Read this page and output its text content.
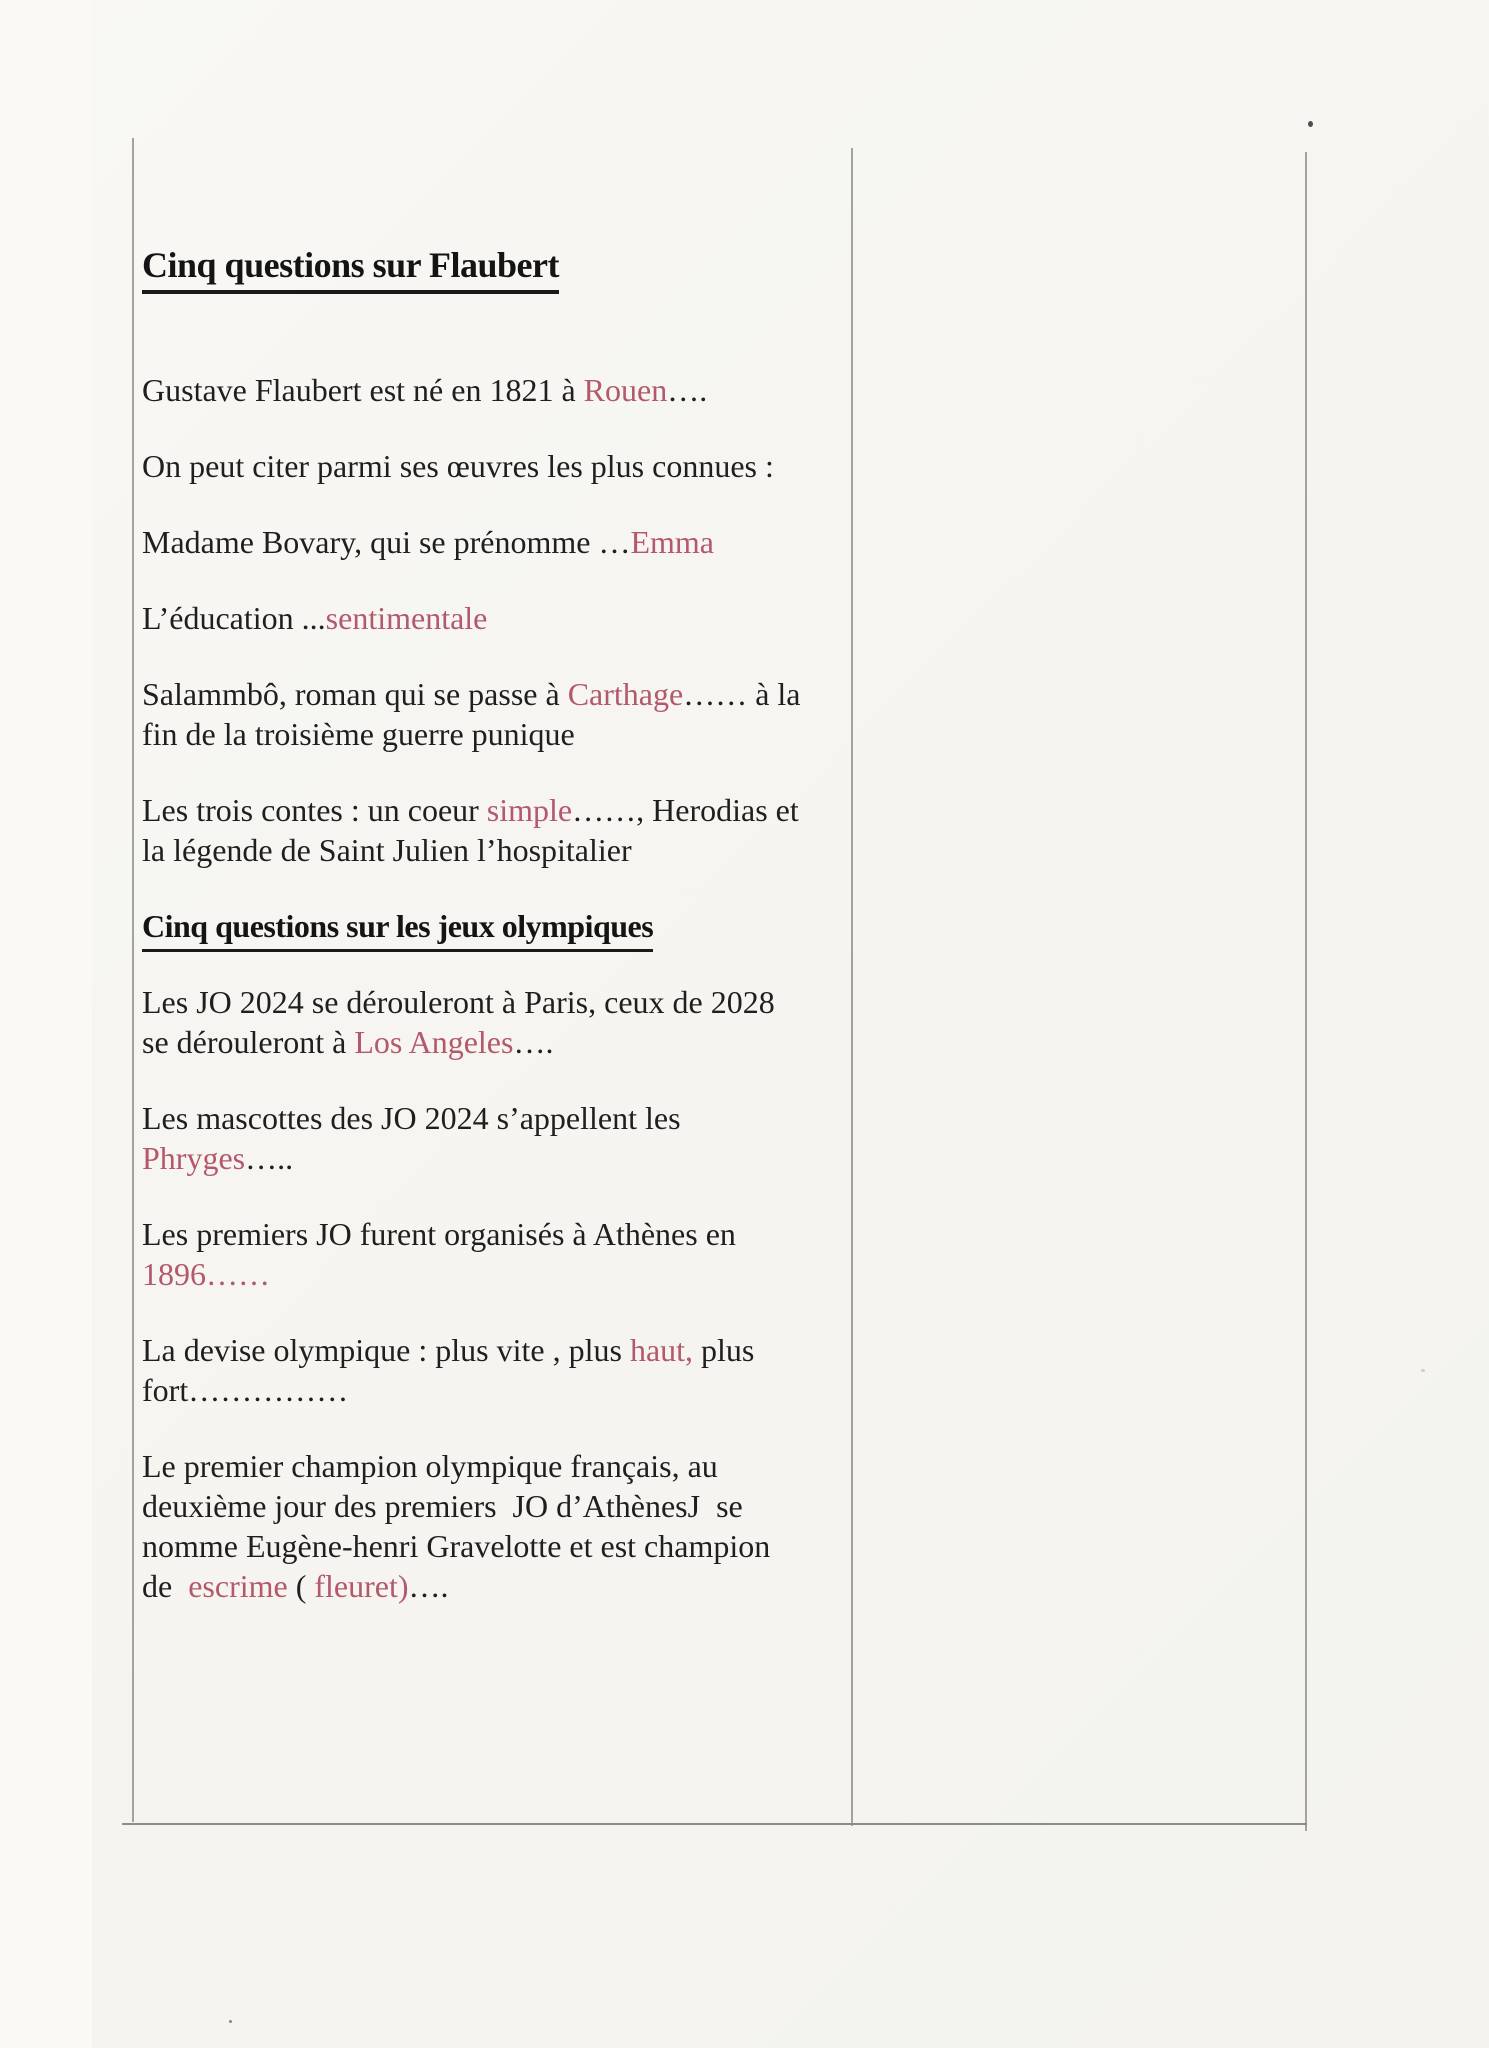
Cinq questions sur Flaubert

Gustave Flaubert est né en 1821 à Rouen….

On peut citer parmi ses œuvres les plus connues :

Madame Bovary, qui se prénomme …Emma

L’éducation ...sentimentale

Salammbô, roman qui se passe à Carthage…… à la
fin de la troisième guerre punique

Les trois contes : un coeur simple……, Herodias et
la légende de Saint Julien l’hospitalier

Cinq questions sur les jeux olympiques

Les JO 2024 se dérouleront à Paris, ceux de 2028
se dérouleront à Los Angeles….

Les mascottes des JO 2024 s’appellent les
Phryges…..

Les premiers JO furent organisés à Athènes en
1896……

La devise olympique : plus vite , plus haut, plus
fort……………

Le premier champion olympique français, au
deuxième jour des premiers  JO d’AthènesJ  se
nomme Eugène-henri Gravelotte et est champion
de  escrime ( fleuret)….
